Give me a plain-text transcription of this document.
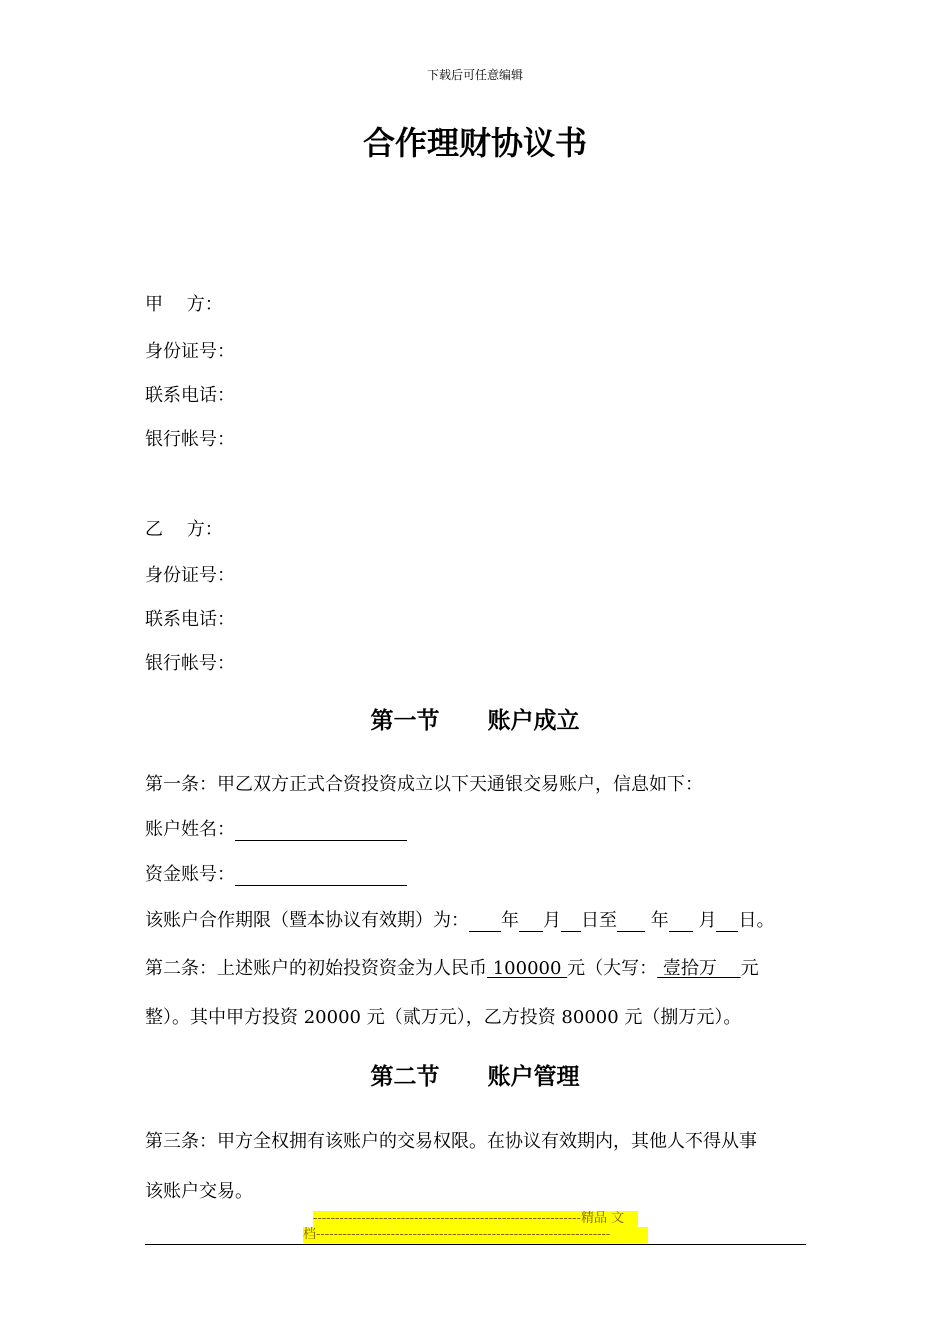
下载后可任意编辑
合作理财协议书
甲　 方：
身份证号：
联系电话：
银行帐号：
乙　 方：
身份证号：
联系电话：
银行帐号：
第一节 账户成立
第一条：甲乙双方正式合资投资成立以下天通银交易账户，信息如下：
账户姓名：
资金账号：
该账户合作期限（暨本协议有效期）为： 年 月 日至 年 月 日。
第二条：上述账户的初始投资资金为人民币 100000 元（大写： 壹拾万　 元
整）。其中甲方投资 20000 元（贰万元），乙方投资 80000 元（捌万元）。
第二节 账户管理
第三条：甲方全权拥有该账户的交易权限。在协议有效期内，其他人不得从事
该账户交易。
-------------------------------------------------------------精品 文
档-------------------------------------------------------------------
